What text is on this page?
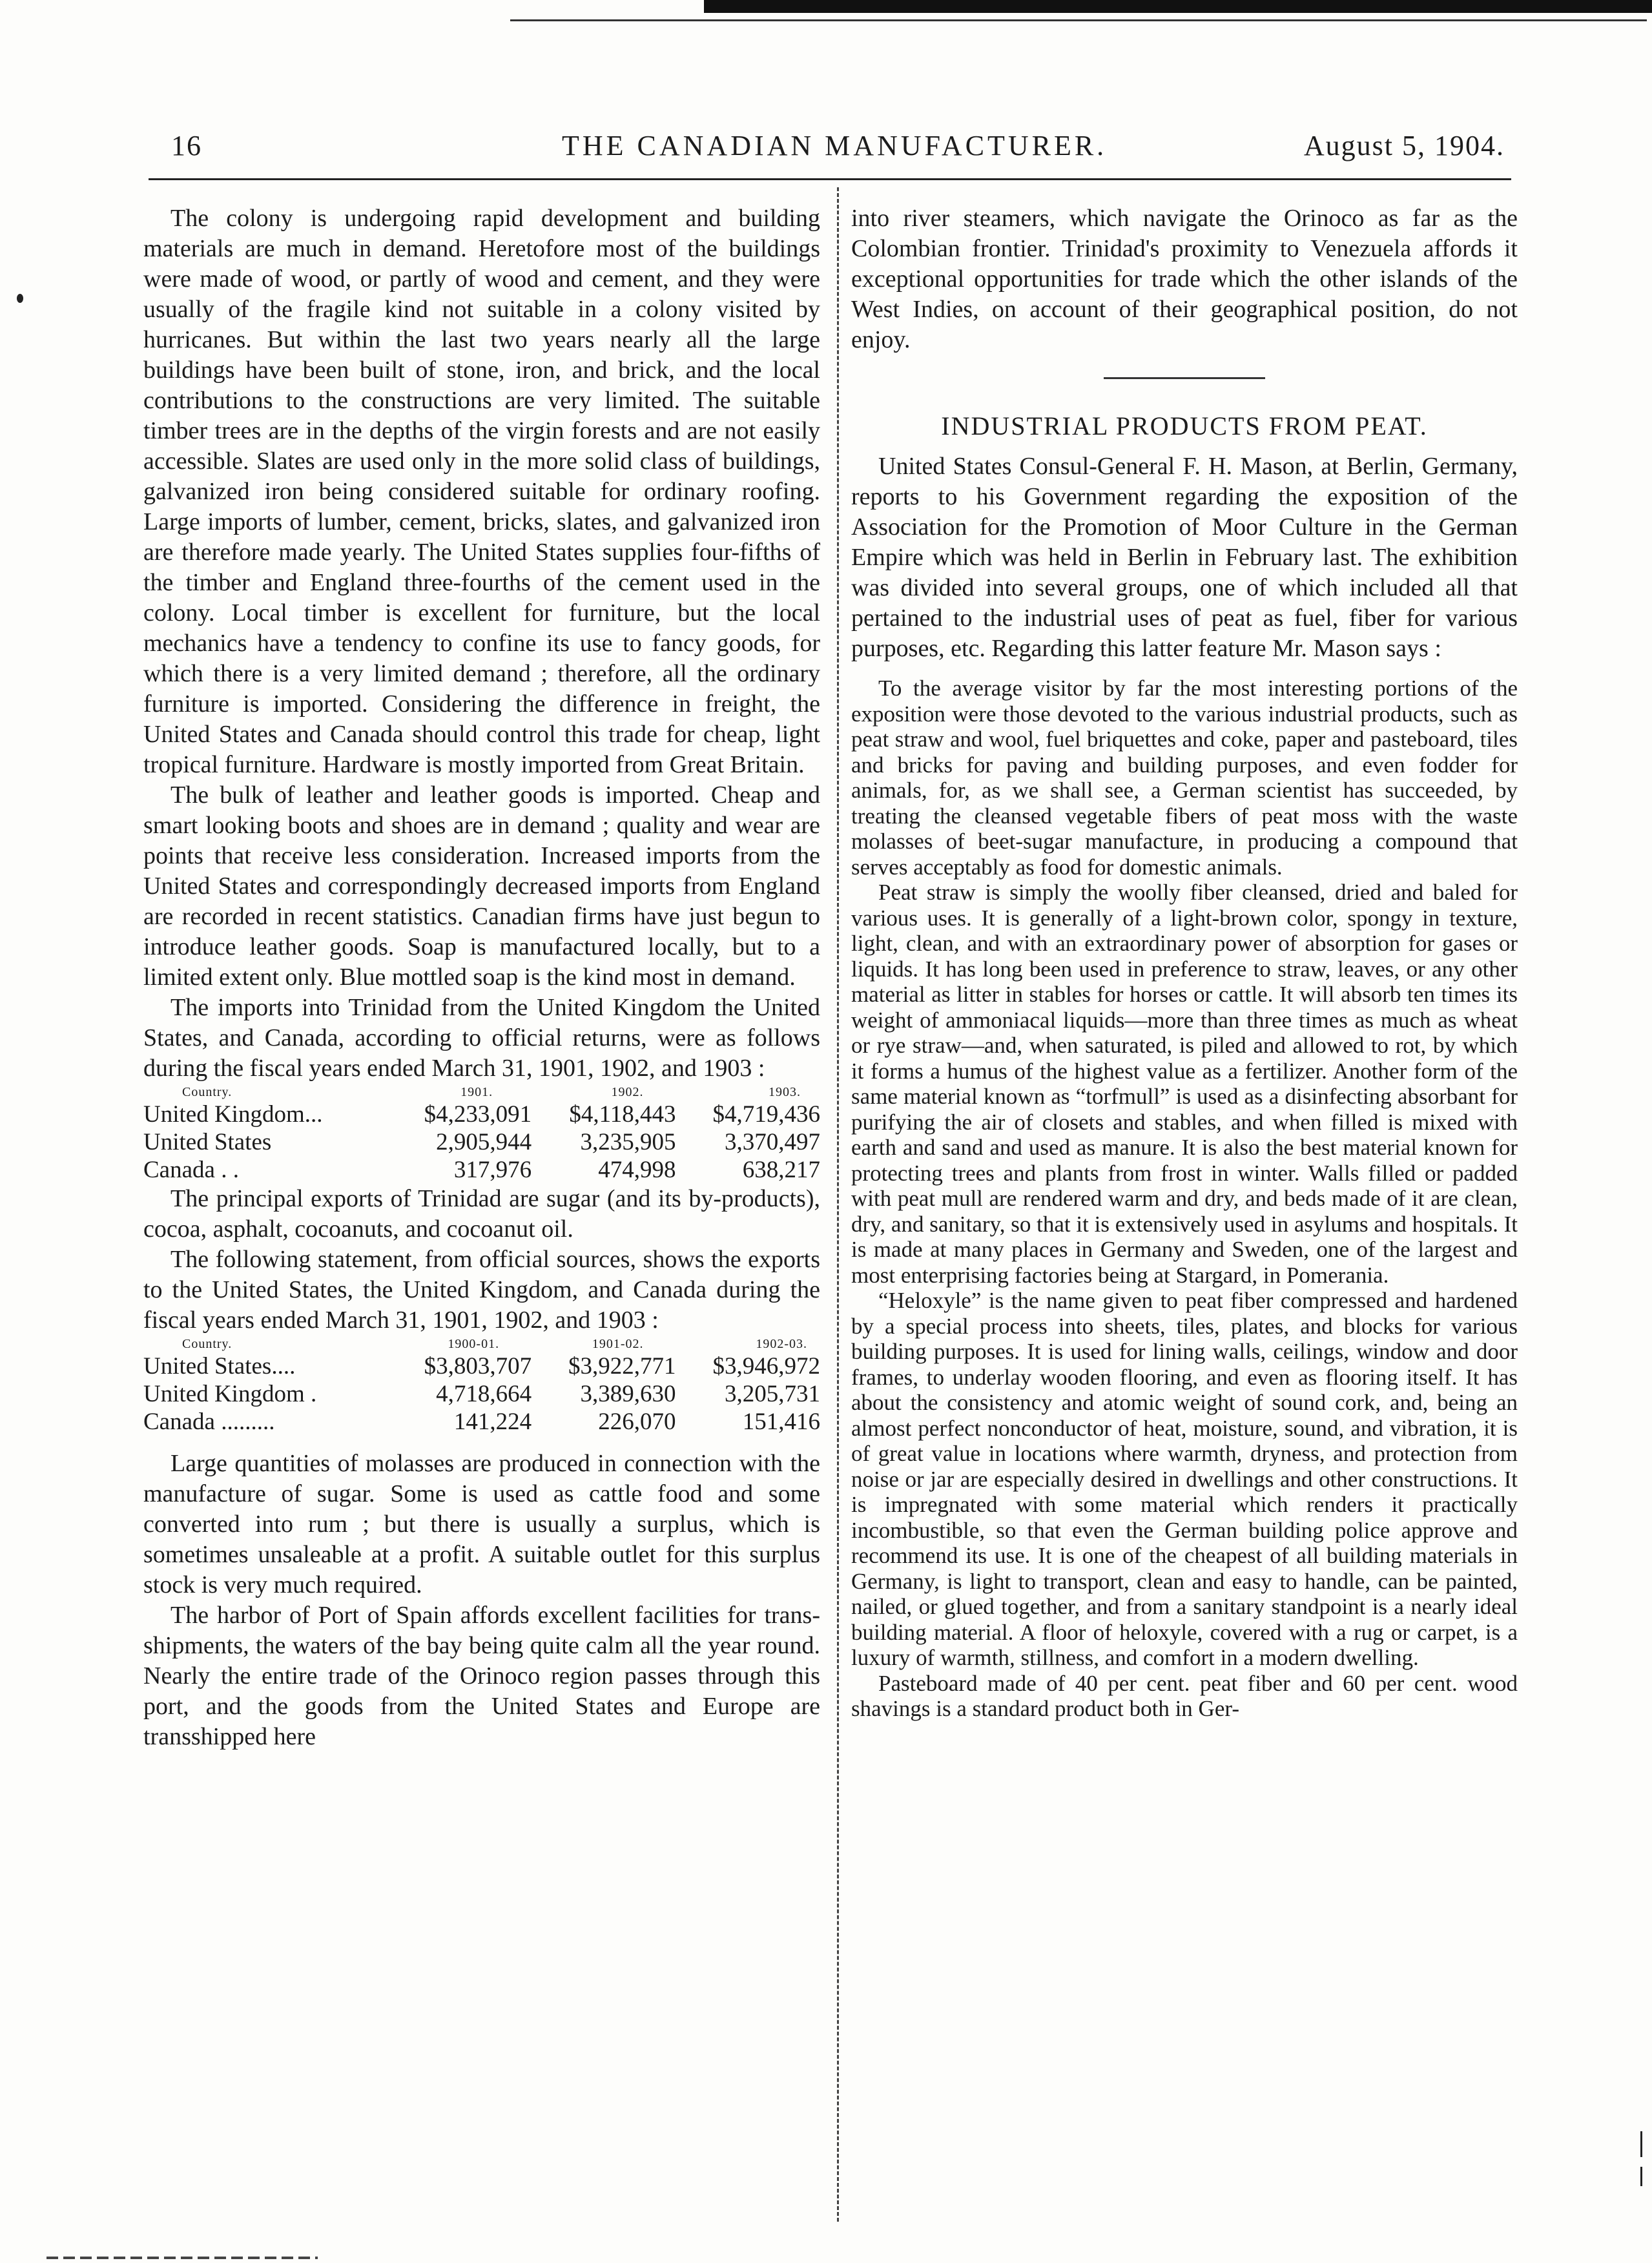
16	THE CANADIAN MANUFACTURER.	August 5, 1904.

The colony is undergoing rapid development and building materials are much in demand. Heretofore most of the buildings were made of wood, or partly of wood and cement, and they were usually of the fragile kind not suitable in a colony visited by hurricanes. But within the last two years nearly all the large buildings have been built of stone, iron, and brick, and the local contributions to the constructions are very limited. The suitable timber trees are in the depths of the virgin forests and are not easily accessible. Slates are used only in the more solid class of buildings, galvanized iron being considered suitable for ordinary roofing. Large imports of lumber, cement, bricks, slates, and galvanized iron are therefore made yearly. The United States supplies four-fifths of the timber and England three-fourths of the cement used in the colony. Local timber is excellent for furniture, but the local mechanics have a tendency to confine its use to fancy goods, for which there is a very limited demand ; therefore, all the ordinary furniture is imported. Considering the difference in freight, the United States and Canada should control this trade for cheap, light tropical furniture. Hardware is mostly imported from Great Britain.

The bulk of leather and leather goods is imported. Cheap and smart looking boots and shoes are in demand ; quality and wear are points that receive less consideration. Increased imports from the United States and correspondingly decreased imports from England are recorded in recent statistics. Canadian firms have just begun to introduce leather goods. Soap is manufactured locally, but to a limited extent only. Blue mottled soap is the kind most in demand.

The imports into Trinidad from the United Kingdom the United States, and Canada, according to official returns, were as follows during the fiscal years ended March 31, 1901, 1902, and 1903 :

Country.	1901.	1902.	1903.
United Kingdom...	$4,233,091	$4,118,443	$4,719,436
United States	2,905,944	3,235,905	3,370,497
Canada . .	317,976	474,998	638,217

The principal exports of Trinidad are sugar (and its by-products), cocoa, asphalt, cocoanuts, and cocoanut oil.

The following statement, from official sources, shows the exports to the United States, the United Kingdom, and Canada during the fiscal years ended March 31, 1901, 1902, and 1903 :

Country.	1900-01.	1901-02.	1902-03.
United States....	$3,803,707	$3,922,771	$3,946,972
United Kingdom .	4,718,664	3,389,630	3,205,731
Canada .........	141,224	226,070	151,416

Large quantities of molasses are produced in connection with the manufacture of sugar. Some is used as cattle food and some converted into rum ; but there is usually a surplus, which is sometimes unsaleable at a profit. A suitable outlet for this surplus stock is very much required.

The harbor of Port of Spain affords excellent facilities for trans-shipments, the waters of the bay being quite calm all the year round. Nearly the entire trade of the Orinoco region passes through this port, and the goods from the United States and Europe are transshipped here

into river steamers, which navigate the Orinoco as far as the Colombian frontier. Trinidad's proximity to Venezuela affords it exceptional opportunities for trade which the other islands of the West Indies, on account of their geographical position, do not enjoy.

INDUSTRIAL PRODUCTS FROM PEAT.

United States Consul-General F. H. Mason, at Berlin, Germany, reports to his Government regarding the exposition of the Association for the Promotion of Moor Culture in the German Empire which was held in Berlin in February last. The exhibition was divided into several groups, one of which included all that pertained to the industrial uses of peat as fuel, fiber for various purposes, etc. Regarding this latter feature Mr. Mason says :

To the average visitor by far the most interesting portions of the exposition were those devoted to the various industrial products, such as peat straw and wool, fuel briquettes and coke, paper and pasteboard, tiles and bricks for paving and building purposes, and even fodder for animals, for, as we shall see, a German scientist has succeeded, by treating the cleansed vegetable fibers of peat moss with the waste molasses of beet-sugar manufacture, in producing a compound that serves acceptably as food for domestic animals.

Peat straw is simply the woolly fiber cleansed, dried and baled for various uses. It is generally of a light-brown color, spongy in texture, light, clean, and with an extraordinary power of absorption for gases or liquids. It has long been used in preference to straw, leaves, or any other material as litter in stables for horses or cattle. It will absorb ten times its weight of ammoniacal liquids—more than three times as much as wheat or rye straw—and, when saturated, is piled and allowed to rot, by which it forms a humus of the highest value as a fertilizer. Another form of the same material known as “torfmull” is used as a disinfecting absorbant for purifying the air of closets and stables, and when filled is mixed with earth and sand and used as manure. It is also the best material known for protecting trees and plants from frost in winter. Walls filled or padded with peat mull are rendered warm and dry, and beds made of it are clean, dry, and sanitary, so that it is extensively used in asylums and hospitals. It is made at many places in Germany and Sweden, one of the largest and most enterprising factories being at Stargard, in Pomerania.

“Heloxyle” is the name given to peat fiber compressed and hardened by a special process into sheets, tiles, plates, and blocks for various building purposes. It is used for lining walls, ceilings, window and door frames, to underlay wooden flooring, and even as flooring itself. It has about the consistency and atomic weight of sound cork, and, being an almost perfect nonconductor of heat, moisture, sound, and vibration, it is of great value in locations where warmth, dryness, and protection from noise or jar are especially desired in dwellings and other constructions. It is impregnated with some material which renders it practically incombustible, so that even the German building police approve and recommend its use. It is one of the cheapest of all building materials in Germany, is light to transport, clean and easy to handle, can be painted, nailed, or glued together, and from a sanitary standpoint is a nearly ideal building material. A floor of heloxyle, covered with a rug or carpet, is a luxury of warmth, stillness, and comfort in a modern dwelling.

Pasteboard made of 40 per cent. peat fiber and 60 per cent. wood shavings is a standard product both in Ger-
